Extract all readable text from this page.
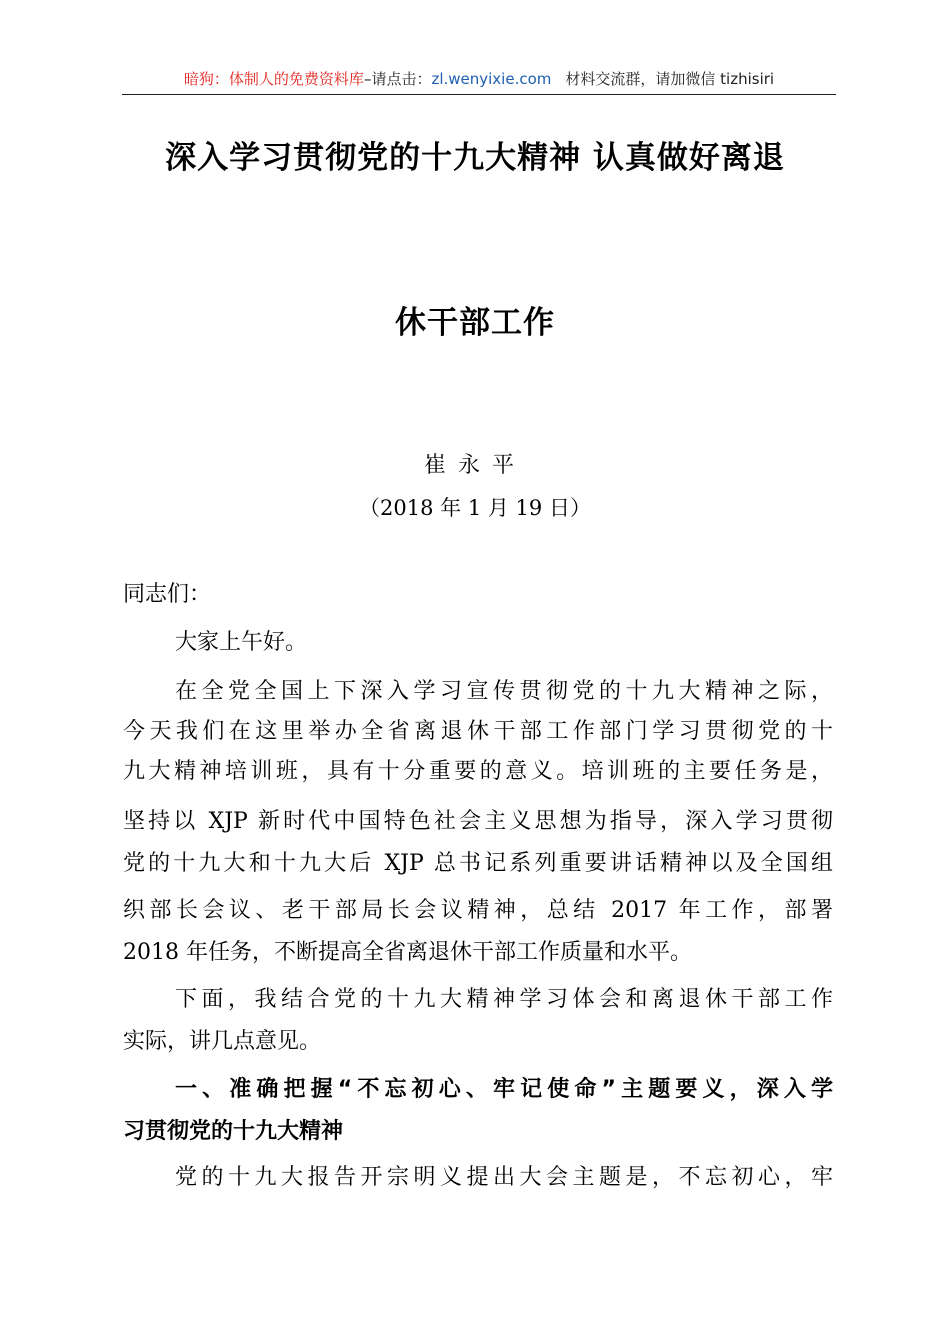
暗狗：体制人的免费资料库–请点击：zl.wenyixie.com 材料交流群，请加微信 tizhisiri
深入学习贯彻党的十九大精神 认真做好离退
休干部工作
崔永平
（2018 年 1 月 19 日）
同志们：
大家上午好。
在全党全国上下深入学习宣传贯彻党的十九大精神之际，
今天我们在这里举办全省离退休干部工作部门学习贯彻党的十
九大精神培训班，具有十分重要的意义。培训班的主要任务是，
坚持以 XJP 新时代中国特色社会主义思想为指导，深入学习贯彻
党的十九大和十九大后 XJP 总书记系列重要讲话精神以及全国组
织部长会议、老干部局长会议精神，总结 2017 年工作，部署
2018 年任务，不断提高全省离退休干部工作质量和水平。
下面，我结合党的十九大精神学习体会和离退休干部工作
实际，讲几点意见。
一、准确把握“不忘初心、牢记使命”主题要义，深入学
习贯彻党的十九大精神
党的十九大报告开宗明义提出大会主题是，不忘初心，牢
